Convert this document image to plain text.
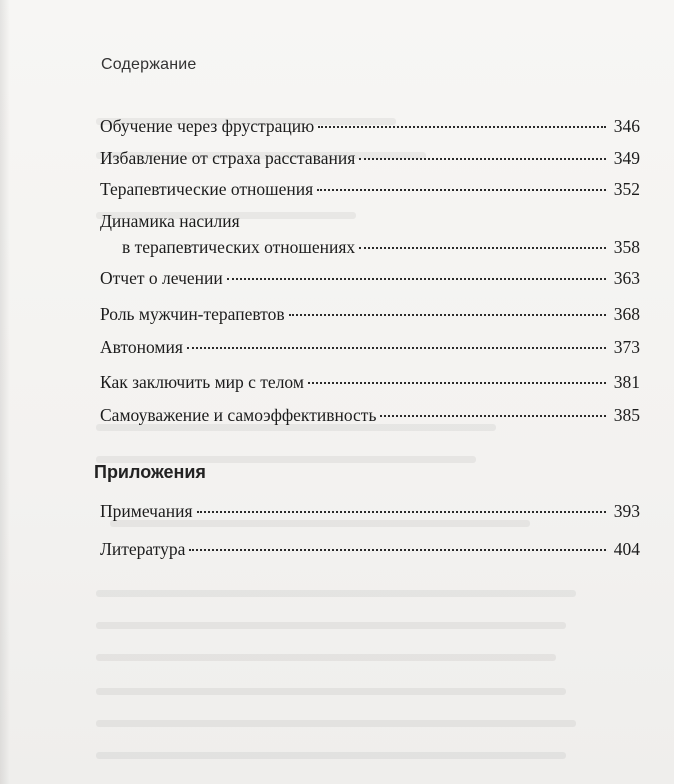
Содержание
Обучение через фрустрацию	346
Избавление от страха расставания	349
Терапевтические отношения	352
Динамика насилия
в терапевтических отношениях	358
Отчет о лечении	363
Роль мужчин-терапевтов	368
Автономия	373
Как заключить мир с телом	381
Самоуважение и самоэффективность	385
Приложения
Примечания	393
Литература	404
